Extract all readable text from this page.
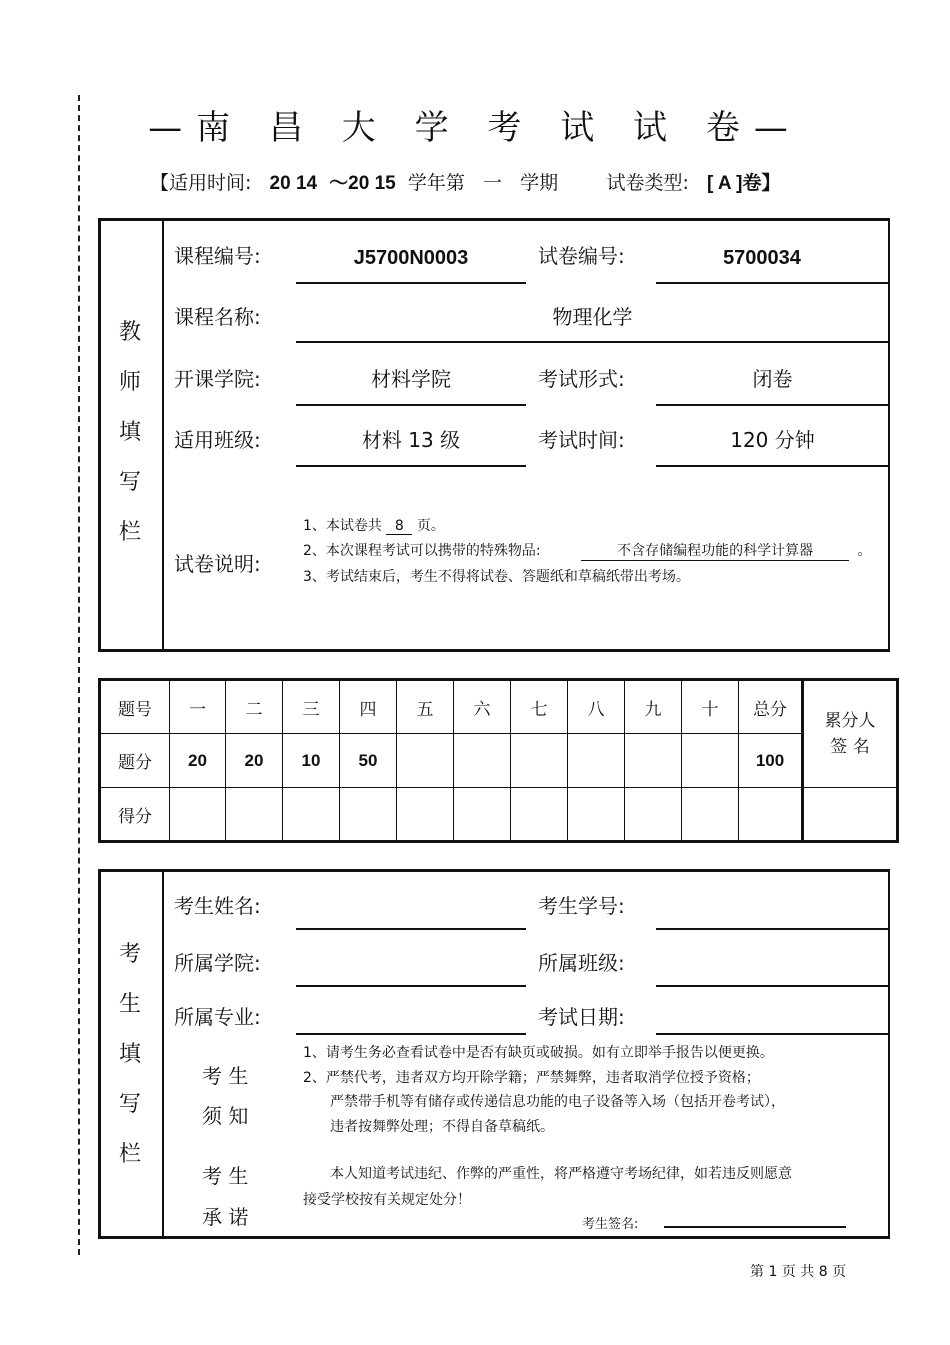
—南 昌 大 学 考 试 试 卷—
【适用时间: 20 14 ～20 15 学年第 一 学期	试卷类型: [ A ]卷】
教
师
填
写
栏
课程编号:	J5700N0003	试卷编号:	5700034
课程名称:	物理化学
开课学院:	材料学院	考试形式:	闭卷
适用班级:	材料 13 级	考试时间:	120 分钟
试卷说明:
1、本试卷共 8 页。
2、本次课程考试可以携带的特殊物品:	不含存储编程功能的科学计算器	。
3、考试结束后，考生不得将试卷、答题纸和草稿纸带出考场。
题号	一	二	三	四	五	六	七	八	九	十	总分	累分人
签 名

题分	20	20	10	50							100	
得分												
考
生
填
写
栏
考生姓名:	考生学号:
所属学院:	所属班级:
所属专业:	考试日期:
考 生
须 知
1、请考生务必查看试卷中是否有缺页或破损。如有立即举手报告以便更换。
2、严禁代考，违者双方均开除学籍；严禁舞弊，违者取消学位授予资格；
严禁带手机等有储存或传递信息功能的电子设备等入场（包括开卷考试），
违者按舞弊处理；不得自备草稿纸。
考 生
承 诺
本人知道考试违纪、作弊的严重性，将严格遵守考场纪律，如若违反则愿意
接受学校按有关规定处分！
考生签名:
第 1 页 共 8 页
